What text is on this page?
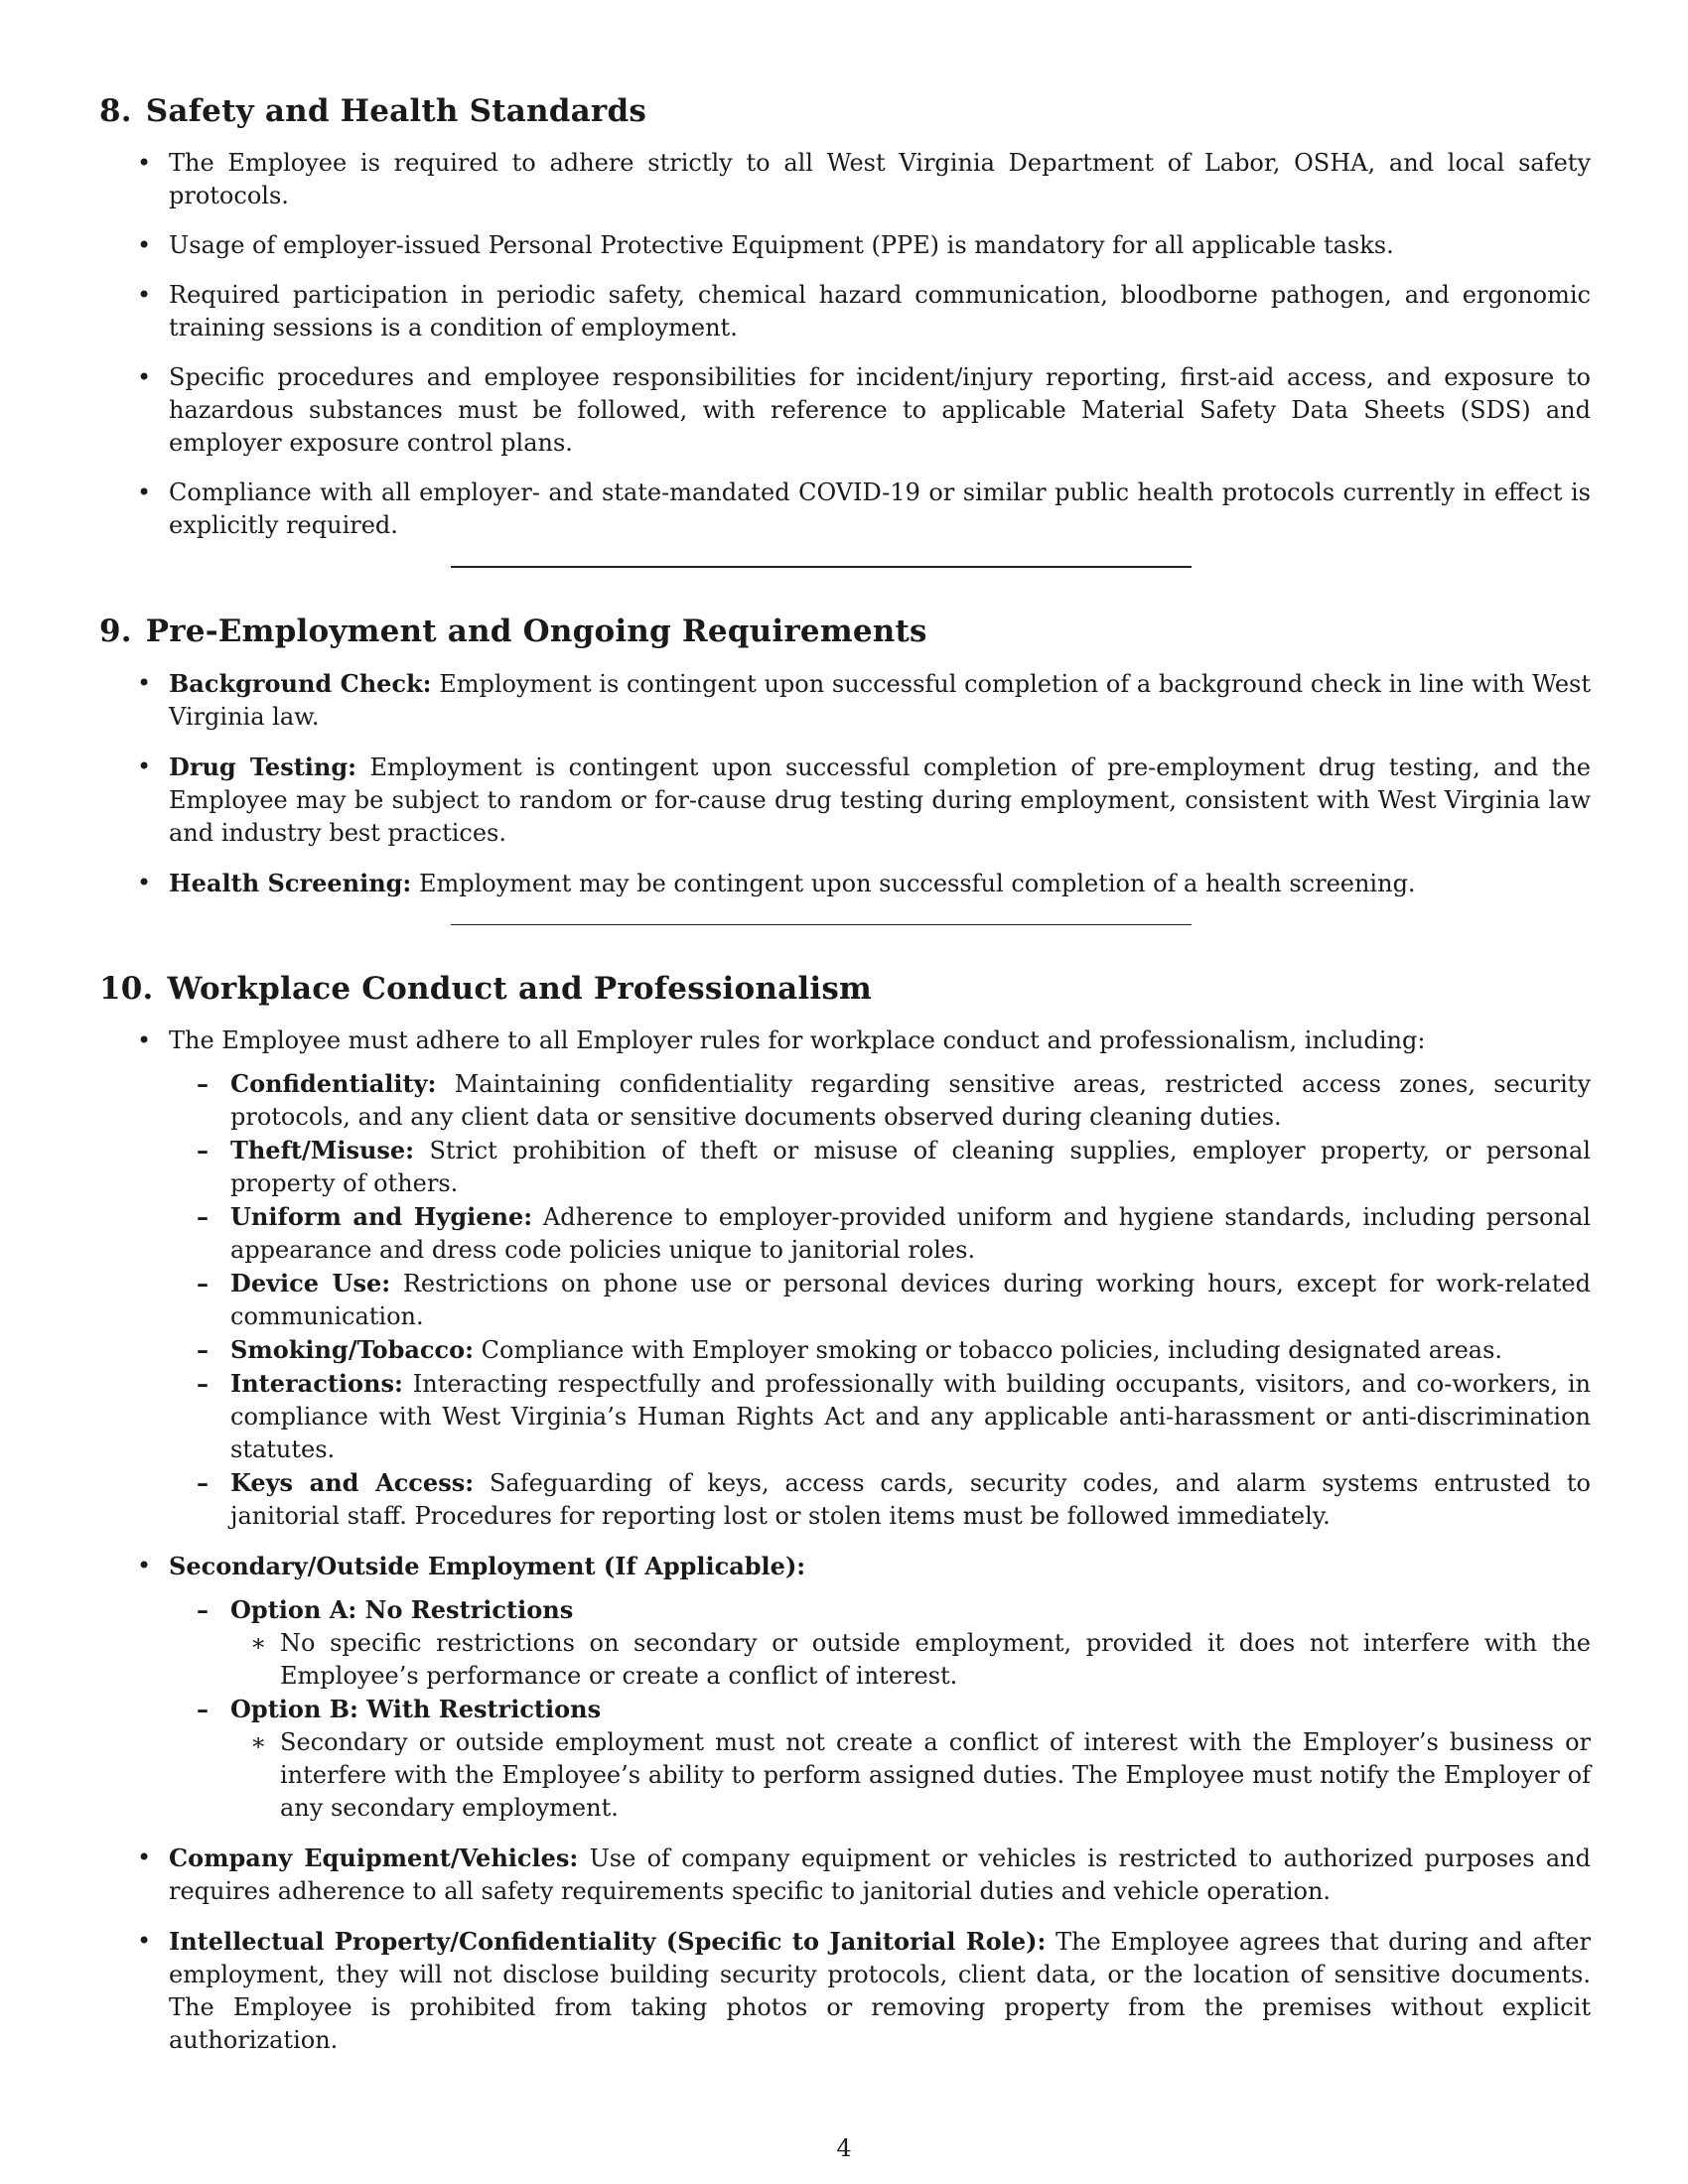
8. Safety and Health Standards
• The Employee is required to adhere strictly to all West Virginia Department of Labor, OSHA, and local safety protocols.
• Usage of employer-issued Personal Protective Equipment (PPE) is mandatory for all applicable tasks.
• Required participation in periodic safety, chemical hazard communication, bloodborne pathogen, and ergonomic training sessions is a condition of employment.
• Specific procedures and employee responsibilities for incident/injury reporting, first-aid access, and exposure to hazardous substances must be followed, with reference to applicable Material Safety Data Sheets (SDS) and employer exposure control plans.
• Compliance with all employer- and state-mandated COVID-19 or similar public health protocols currently in effect is explicitly required.
9. Pre-Employment and Ongoing Requirements
• Background Check: Employment is contingent upon successful completion of a background check in line with West Virginia law.
• Drug Testing: Employment is contingent upon successful completion of pre-employment drug testing, and the Employee may be subject to random or for-cause drug testing during employment, consistent with West Virginia law and industry best practices.
• Health Screening: Employment may be contingent upon successful completion of a health screening.
10. Workplace Conduct and Professionalism
• The Employee must adhere to all Employer rules for workplace conduct and professionalism, including:
– Confidentiality: Maintaining confidentiality regarding sensitive areas, restricted access zones, security protocols, and any client data or sensitive documents observed during cleaning duties.
– Theft/Misuse: Strict prohibition of theft or misuse of cleaning supplies, employer property, or personal property of others.
– Uniform and Hygiene: Adherence to employer-provided uniform and hygiene standards, including personal appearance and dress code policies unique to janitorial roles.
– Device Use: Restrictions on phone use or personal devices during working hours, except for work-related communication.
– Smoking/Tobacco: Compliance with Employer smoking or tobacco policies, including designated areas.
– Interactions: Interacting respectfully and professionally with building occupants, visitors, and co-workers, in compliance with West Virginia’s Human Rights Act and any applicable anti-harassment or anti-discrimination statutes.
– Keys and Access: Safeguarding of keys, access cards, security codes, and alarm systems entrusted to janitorial staff. Procedures for reporting lost or stolen items must be followed immediately.
• Secondary/Outside Employment (If Applicable):
– Option A: No Restrictions
∗ No specific restrictions on secondary or outside employment, provided it does not interfere with the Employee’s performance or create a conflict of interest.
– Option B: With Restrictions
∗ Secondary or outside employment must not create a conflict of interest with the Employer’s business or interfere with the Employee’s ability to perform assigned duties. The Employee must notify the Employer of any secondary employment.
• Company Equipment/Vehicles: Use of company equipment or vehicles is restricted to authorized purposes and requires adherence to all safety requirements specific to janitorial duties and vehicle operation.
• Intellectual Property/Confidentiality (Specific to Janitorial Role): The Employee agrees that during and after employment, they will not disclose building security protocols, client data, or the location of sensitive documents. The Employee is prohibited from taking photos or removing property from the premises without explicit authorization.
4
